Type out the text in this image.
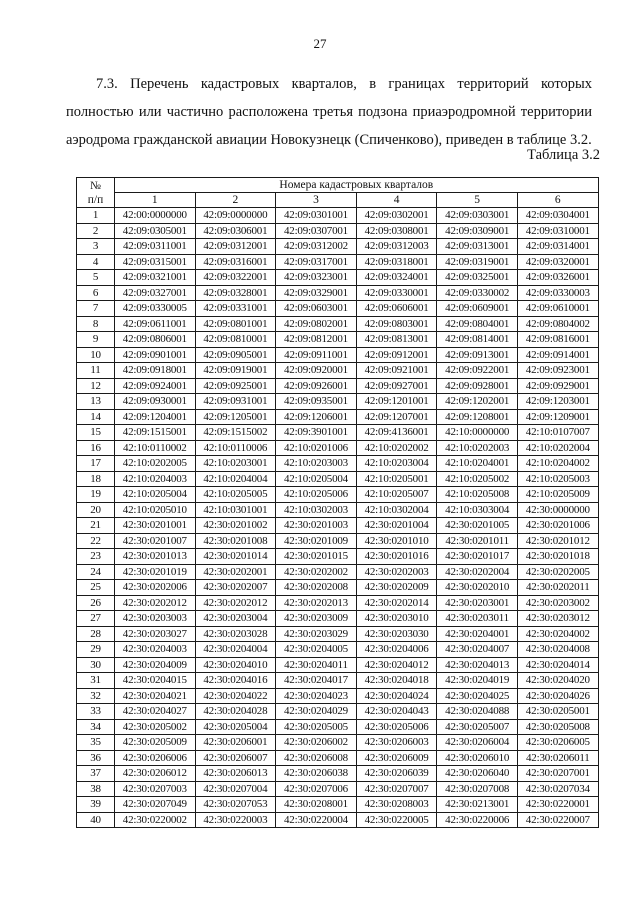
27
7.3. Перечень кадастровых кварталов, в границах территорий которых
полностью или частично расположена третья подзона приаэродромной территории
аэродрома гражданской авиации Новокузнецк (Спиченково), приведен в таблице 3.2.
Таблица 3.2
№
п/п	Номера кадастровых кварталов					
	1	2	3	4	5	6
1	42:00:0000000	42:09:0000000	42:09:0301001	42:09:0302001	42:09:0303001	42:09:0304001
2	42:09:0305001	42:09:0306001	42:09:0307001	42:09:0308001	42:09:0309001	42:09:0310001
3	42:09:0311001	42:09:0312001	42:09:0312002	42:09:0312003	42:09:0313001	42:09:0314001
4	42:09:0315001	42:09:0316001	42:09:0317001	42:09:0318001	42:09:0319001	42:09:0320001
5	42:09:0321001	42:09:0322001	42:09:0323001	42:09:0324001	42:09:0325001	42:09:0326001
6	42:09:0327001	42:09:0328001	42:09:0329001	42:09:0330001	42:09:0330002	42:09:0330003
7	42:09:0330005	42:09:0331001	42:09:0603001	42:09:0606001	42:09:0609001	42:09:0610001
8	42:09:0611001	42:09:0801001	42:09:0802001	42:09:0803001	42:09:0804001	42:09:0804002
9	42:09:0806001	42:09:0810001	42:09:0812001	42:09:0813001	42:09:0814001	42:09:0816001
10	42:09:0901001	42:09:0905001	42:09:0911001	42:09:0912001	42:09:0913001	42:09:0914001
11	42:09:0918001	42:09:0919001	42:09:0920001	42:09:0921001	42:09:0922001	42:09:0923001
12	42:09:0924001	42:09:0925001	42:09:0926001	42:09:0927001	42:09:0928001	42:09:0929001
13	42:09:0930001	42:09:0931001	42:09:0935001	42:09:1201001	42:09:1202001	42:09:1203001
14	42:09:1204001	42:09:1205001	42:09:1206001	42:09:1207001	42:09:1208001	42:09:1209001
15	42:09:1515001	42:09:1515002	42:09:3901001	42:09:4136001	42:10:0000000	42:10:0107007
16	42:10:0110002	42:10:0110006	42:10:0201006	42:10:0202002	42:10:0202003	42:10:0202004
17	42:10:0202005	42:10:0203001	42:10:0203003	42:10:0203004	42:10:0204001	42:10:0204002
18	42:10:0204003	42:10:0204004	42:10:0205004	42:10:0205001	42:10:0205002	42:10:0205003
19	42:10:0205004	42:10:0205005	42:10:0205006	42:10:0205007	42:10:0205008	42:10:0205009
20	42:10:0205010	42:10:0301001	42:10:0302003	42:10:0302004	42:10:0303004	42:30:0000000
21	42:30:0201001	42:30:0201002	42:30:0201003	42:30:0201004	42:30:0201005	42:30:0201006
22	42:30:0201007	42:30:0201008	42:30:0201009	42:30:0201010	42:30:0201011	42:30:0201012
23	42:30:0201013	42:30:0201014	42:30:0201015	42:30:0201016	42:30:0201017	42:30:0201018
24	42:30:0201019	42:30:0202001	42:30:0202002	42:30:0202003	42:30:0202004	42:30:0202005
25	42:30:0202006	42:30:0202007	42:30:0202008	42:30:0202009	42:30:0202010	42:30:0202011
26	42:30:0202012	42:30:0202012	42:30:0202013	42:30:0202014	42:30:0203001	42:30:0203002
27	42:30:0203003	42:30:0203004	42:30:0203009	42:30:0203010	42:30:0203011	42:30:0203012
28	42:30:0203027	42:30:0203028	42:30:0203029	42:30:0203030	42:30:0204001	42:30:0204002
29	42:30:0204003	42:30:0204004	42:30:0204005	42:30:0204006	42:30:0204007	42:30:0204008
30	42:30:0204009	42:30:0204010	42:30:0204011	42:30:0204012	42:30:0204013	42:30:0204014
31	42:30:0204015	42:30:0204016	42:30:0204017	42:30:0204018	42:30:0204019	42:30:0204020
32	42:30:0204021	42:30:0204022	42:30:0204023	42:30:0204024	42:30:0204025	42:30:0204026
33	42:30:0204027	42:30:0204028	42:30:0204029	42:30:0204043	42:30:0204088	42:30:0205001
34	42:30:0205002	42:30:0205004	42:30:0205005	42:30:0205006	42:30:0205007	42:30:0205008
35	42:30:0205009	42:30:0206001	42:30:0206002	42:30:0206003	42:30:0206004	42:30:0206005
36	42:30:0206006	42:30:0206007	42:30:0206008	42:30:0206009	42:30:0206010	42:30:0206011
37	42:30:0206012	42:30:0206013	42:30:0206038	42:30:0206039	42:30:0206040	42:30:0207001
38	42:30:0207003	42:30:0207004	42:30:0207006	42:30:0207007	42:30:0207008	42:30:0207034
39	42:30:0207049	42:30:0207053	42:30:0208001	42:30:0208003	42:30:0213001	42:30:0220001
40	42:30:0220002	42:30:0220003	42:30:0220004	42:30:0220005	42:30:0220006	42:30:0220007
